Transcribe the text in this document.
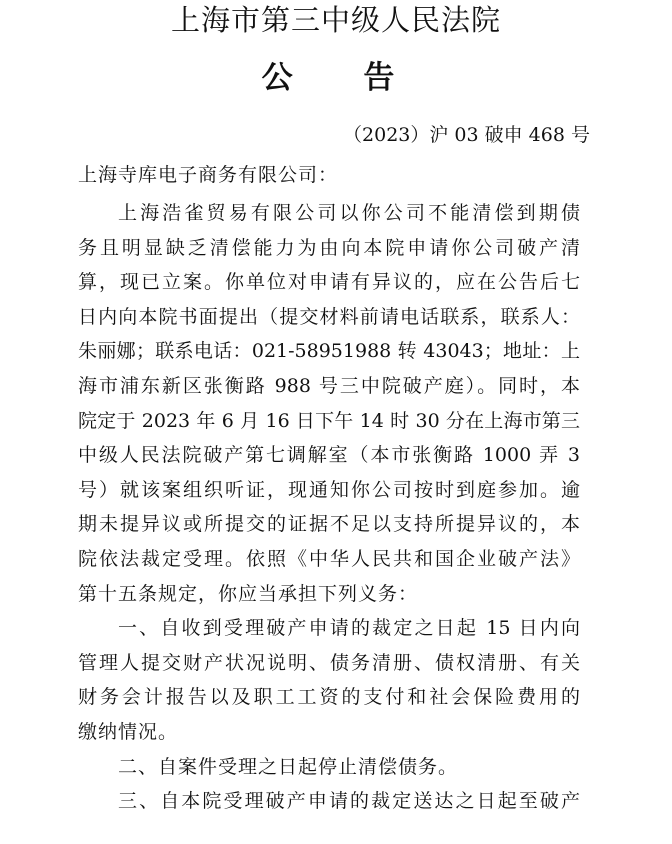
上海市第三中级人民法院
公 告
（2023）沪 03 破申 468 号
上海寺库电子商务有限公司：
上海浩雀贸易有限公司以你公司不能清偿到期债
务且明显缺乏清偿能力为由向本院申请你公司破产清
算，现已立案。你单位对申请有异议的，应在公告后七
日内向本院书面提出（提交材料前请电话联系，联系人：
朱丽娜；联系电话：021-58951988 转 43043；地址：上
海市浦东新区张衡路 988 号三中院破产庭）。同时，本
院定于 2023 年 6 月 16 日下午 14 时 30 分在上海市第三
中级人民法院破产第七调解室（本市张衡路 1000 弄 3
号）就该案组织听证，现通知你公司按时到庭参加。逾
期未提异议或所提交的证据不足以支持所提异议的，本
院依法裁定受理。依照《中华人民共和国企业破产法》
第十五条规定，你应当承担下列义务：
一、自收到受理破产申请的裁定之日起 15 日内向
管理人提交财产状况说明、债务清册、债权清册、有关
财务会计报告以及职工工资的支付和社会保险费用的
缴纳情况。
二、自案件受理之日起停止清偿债务。
三、自本院受理破产申请的裁定送达之日起至破产
